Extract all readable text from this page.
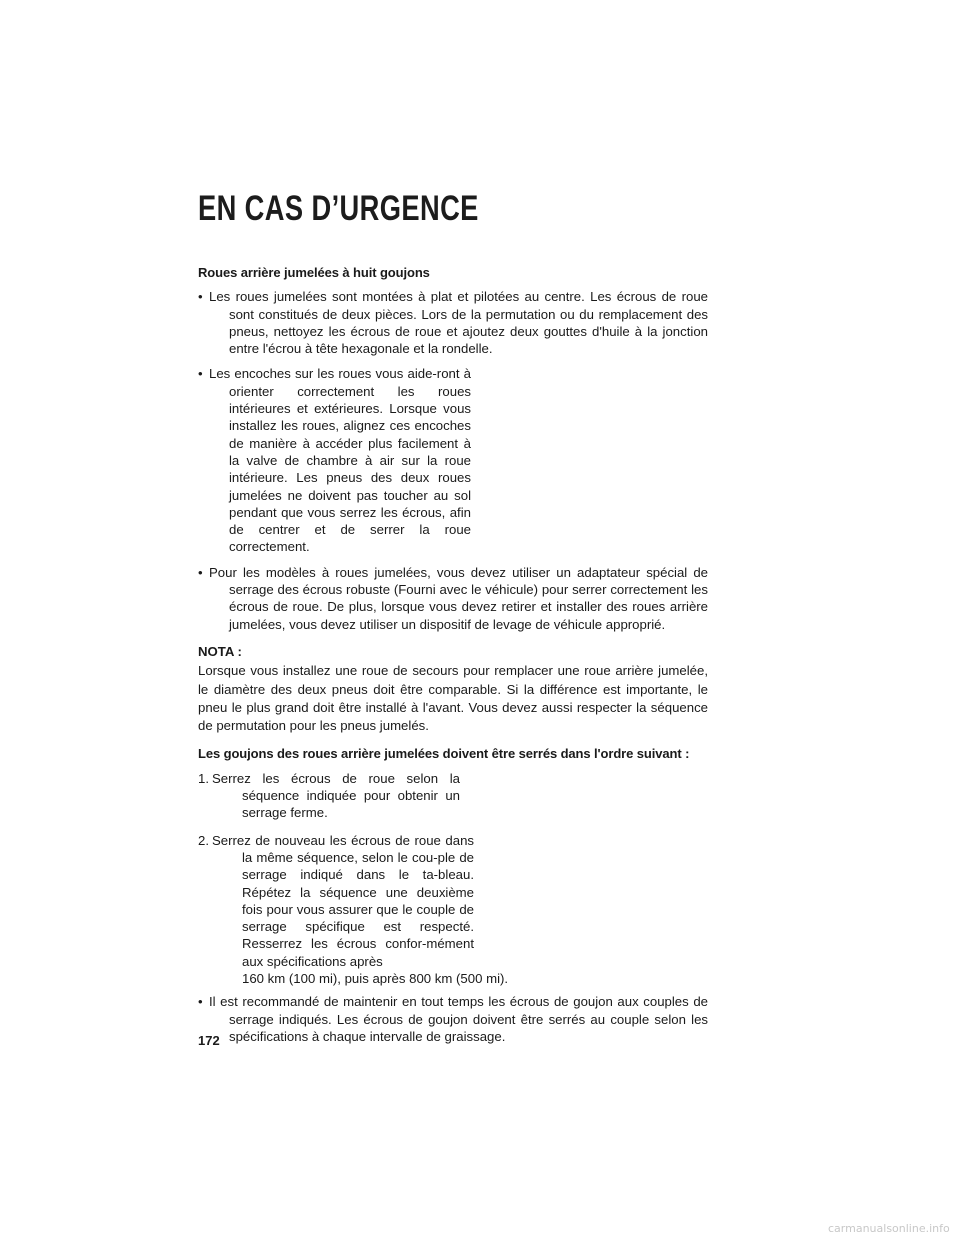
EN CAS D’URGENCE
Roues arrière jumelées à huit goujons
• Les roues jumelées sont montées à plat et pilotées au centre. Les écrous de roue sont constitués de deux pièces. Lors de la permutation ou du remplacement des pneus, nettoyez les écrous de roue et ajoutez deux gouttes d'huile à la jonction entre l'écrou à tête hexagonale et la rondelle.
• Les encoches sur les roues vous aide-ront à orienter correctement les roues intérieures et extérieures. Lorsque vous installez les roues, alignez ces encoches de manière à accéder plus facilement à la valve de chambre à air sur la roue intérieure. Les pneus des deux roues jumelées ne doivent pas toucher au sol pendant que vous serrez les écrous, afin de centrer et de serrer la roue correctement.
• Pour les modèles à roues jumelées, vous devez utiliser un adaptateur spécial de serrage des écrous robuste (Fourni avec le véhicule) pour serrer correctement les écrous de roue. De plus, lorsque vous devez retirer et installer des roues arrière jumelées, vous devez utiliser un dispositif de levage de véhicule approprié.

NOTA :

Lorsque vous installez une roue de secours pour remplacer une roue arrière jumelée, le diamètre des deux pneus doit être comparable. Si la différence est importante, le pneu le plus grand doit être installé à l'avant. Vous devez aussi respecter la séquence de permutation pour les pneus jumelés.

Les goujons des roues arrière jumelées doivent être serrés dans l'ordre suivant :
1. Serrez les écrous de roue selon la séquence indiquée pour obtenir un serrage ferme.
2. Serrez de nouveau les écrous de roue dans la même séquence, selon le cou-ple de serrage indiqué dans le ta-bleau. Répétez la séquence une deuxième fois pour vous assurer que le couple de serrage spécifique est respecté. Resserrez les écrous confor-mément aux spécifications après
160 km (100 mi), puis après 800 km (500 mi).
• Il est recommandé de maintenir en tout temps les écrous de goujon aux couples de serrage indiqués. Les écrous de goujon doivent être serrés au couple selon les spécifications à chaque intervalle de graissage.
172
carmanualsonline.info
